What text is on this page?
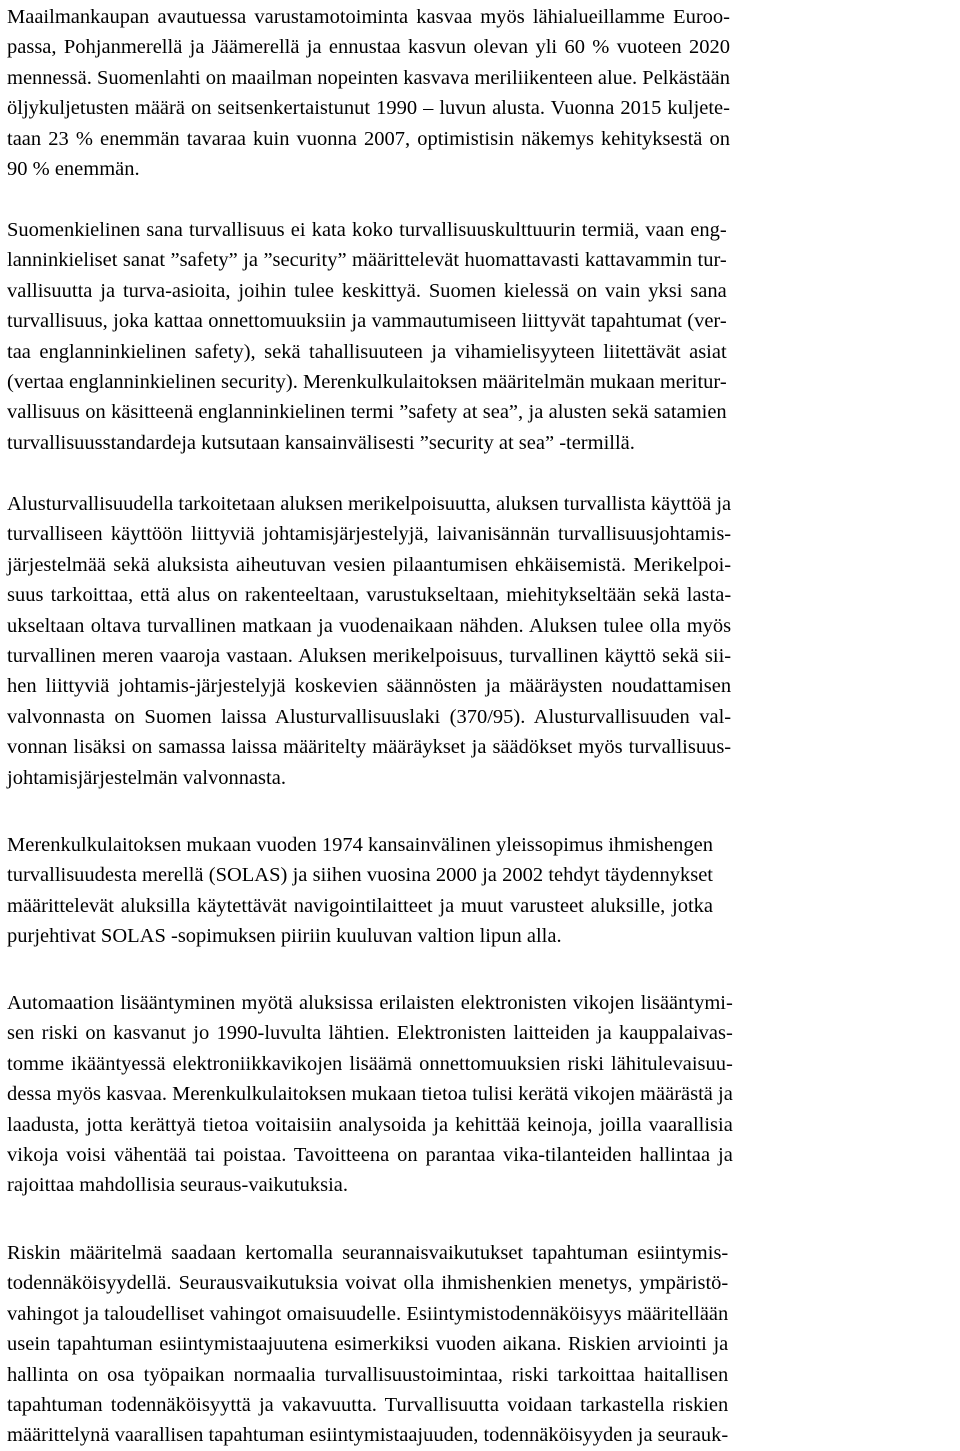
Maailmankaupan avautuessa varustamotoiminta kasvaa myös lähialueillamme Euroo-
passa, Pohjanmerellä ja Jäämerellä ja ennustaa kasvun olevan yli 60 % vuoteen 2020
mennessä. Suomenlahti on maailman nopeinten kasvava meriliikenteen alue. Pelkästään
öljykuljetusten määrä on seitsenkertaistunut 1990 – luvun alusta. Vuonna 2015 kuljete-
taan 23 % enemmän tavaraa kuin vuonna 2007, optimistisin näkemys kehityksestä on
90 % enemmän.
Suomenkielinen sana turvallisuus ei kata koko turvallisuuskulttuurin termiä, vaan eng-
lanninkieliset sanat ”safety” ja ”security” määrittelevät huomattavasti kattavammin tur-
vallisuutta ja turva-asioita, joihin tulee keskittyä. Suomen kielessä on vain yksi sana
turvallisuus, joka kattaa onnettomuuksiin ja vammautumiseen liittyvät tapahtumat (ver-
taa englanninkielinen safety), sekä tahallisuuteen ja vihamielisyyteen liitettävät asiat
(vertaa englanninkielinen security). Merenkulkulaitoksen määritelmän mukaan meritur-
vallisuus on käsitteenä englanninkielinen termi ”safety at sea”, ja alusten sekä satamien
turvallisuusstandardeja kutsutaan kansainvälisesti ”security at sea” -termillä.
Alusturvallisuudella tarkoitetaan aluksen merikelpoisuutta, aluksen turvallista käyttöä ja
turvalliseen käyttöön liittyviä johtamisjärjestelyjä, laivanisännän turvallisuusjohtamis-
järjestelmää sekä aluksista aiheutuvan vesien pilaantumisen ehkäisemistä. Merikelpoi-
suus tarkoittaa, että alus on rakenteeltaan, varustukseltaan, miehitykseltään sekä lasta-
ukseltaan oltava turvallinen matkaan ja vuodenaikaan nähden. Aluksen tulee olla myös
turvallinen meren vaaroja vastaan. Aluksen merikelpoisuus, turvallinen käyttö sekä sii-
hen liittyviä johtamis-järjestelyjä koskevien säännösten ja määräysten noudattamisen
valvonnasta on Suomen laissa Alusturvallisuuslaki (370/95). Alusturvallisuuden val-
vonnan lisäksi on samassa laissa määritelty määräykset ja säädökset myös turvallisuus-
johtamisjärjestelmän valvonnasta.
Merenkulkulaitoksen mukaan vuoden 1974 kansainvälinen yleissopimus ihmishengen
turvallisuudesta merellä (SOLAS) ja siihen vuosina 2000 ja 2002 tehdyt täydennykset
määrittelevät aluksilla käytettävät navigointilaitteet ja muut varusteet aluksille, jotka
purjehtivat SOLAS -sopimuksen piiriin kuuluvan valtion lipun alla.
Automaation lisääntyminen myötä aluksissa erilaisten elektronisten vikojen lisääntymi-
sen riski on kasvanut jo 1990-luvulta lähtien. Elektronisten laitteiden ja kauppalaivas-
tomme ikääntyessä elektroniikkavikojen lisäämä onnettomuuksien riski lähitulevaisuu-
dessa myös kasvaa. Merenkulkulaitoksen mukaan tietoa tulisi kerätä vikojen määrästä ja
laadusta, jotta kerättyä tietoa voitaisiin analysoida ja kehittää keinoja, joilla vaarallisia
vikoja voisi vähentää tai poistaa. Tavoitteena on parantaa vika-tilanteiden hallintaa ja
rajoittaa mahdollisia seuraus-vaikutuksia.
Riskin määritelmä saadaan kertomalla seurannaisvaikutukset tapahtuman esiintymis-
todennäköisyydellä. Seurausvaikutuksia voivat olla ihmishenkien menetys, ympäristö-
vahingot ja taloudelliset vahingot omaisuudelle. Esiintymistodennäköisyys määritellään
usein tapahtuman esiintymistaajuutena esimerkiksi vuoden aikana. Riskien arviointi ja
hallinta on osa työpaikan normaalia turvallisuustoimintaa, riski tarkoittaa haitallisen
tapahtuman todennäköisyyttä ja vakavuutta. Turvallisuutta voidaan tarkastella riskien
määrittelynä vaarallisen tapahtuman esiintymistaajuuden, todennäköisyyden ja seurauk-
